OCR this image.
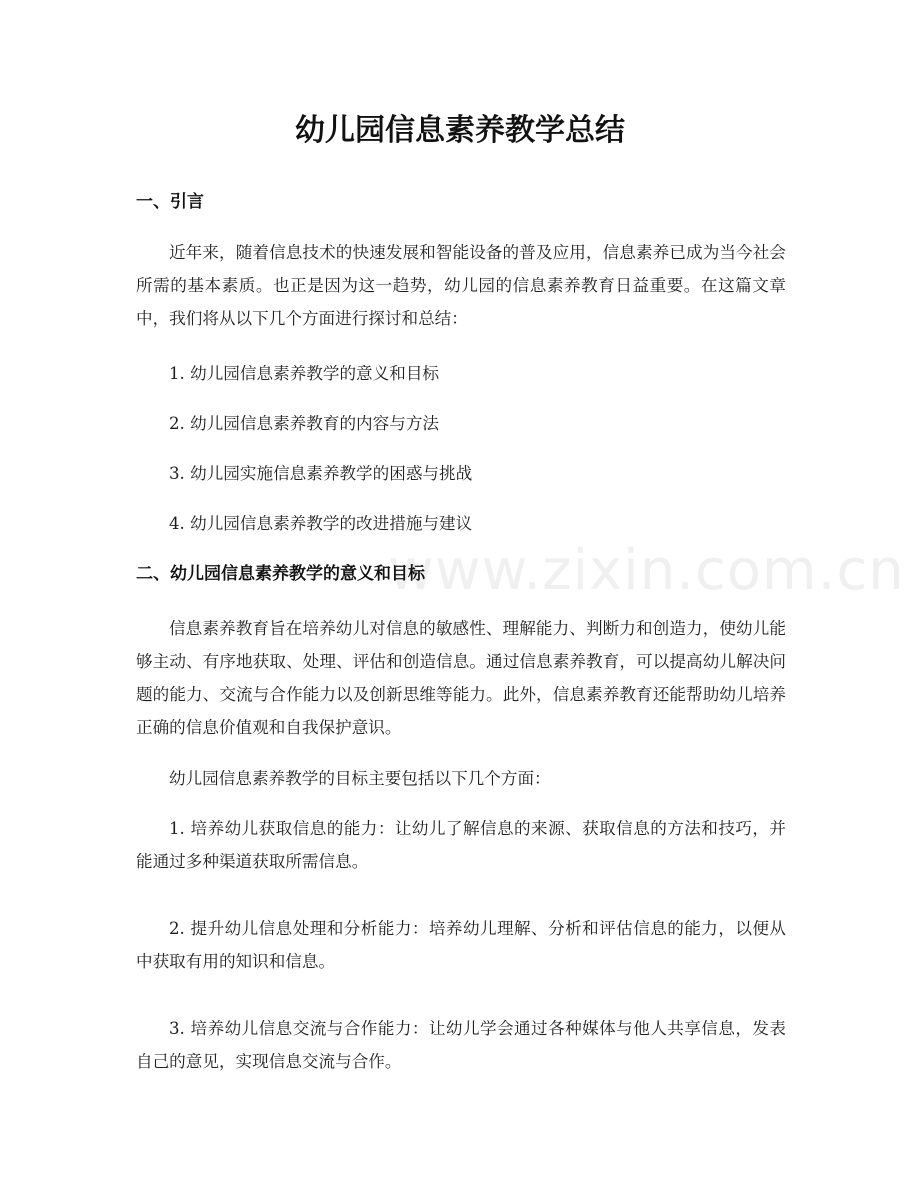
www.zixin.com.cn
幼儿园信息素养教学总结
一、引言

近年来，随着信息技术的快速发展和智能设备的普及应用，信息素养已成为当今社会所需的基本素质。也正是因为这一趋势，幼儿园的信息素养教育日益重要。在这篇文章中，我们将从以下几个方面进行探讨和总结：

1. 幼儿园信息素养教学的意义和目标

2. 幼儿园信息素养教育的内容与方法

3. 幼儿园实施信息素养教学的困惑与挑战

4. 幼儿园信息素养教学的改进措施与建议

二、幼儿园信息素养教学的意义和目标

信息素养教育旨在培养幼儿对信息的敏感性、理解能力、判断力和创造力，使幼儿能够主动、有序地获取、处理、评估和创造信息。通过信息素养教育，可以提高幼儿解决问题的能力、交流与合作能力以及创新思维等能力。此外，信息素养教育还能帮助幼儿培养正确的信息价值观和自我保护意识。

幼儿园信息素养教学的目标主要包括以下几个方面：

1. 培养幼儿获取信息的能力：让幼儿了解信息的来源、获取信息的方法和技巧，并能通过多种渠道获取所需信息。

2. 提升幼儿信息处理和分析能力：培养幼儿理解、分析和评估信息的能力，以便从中获取有用的知识和信息。

3. 培养幼儿信息交流与合作能力：让幼儿学会通过各种媒体与他人共享信息，发表自己的意见，实现信息交流与合作。
